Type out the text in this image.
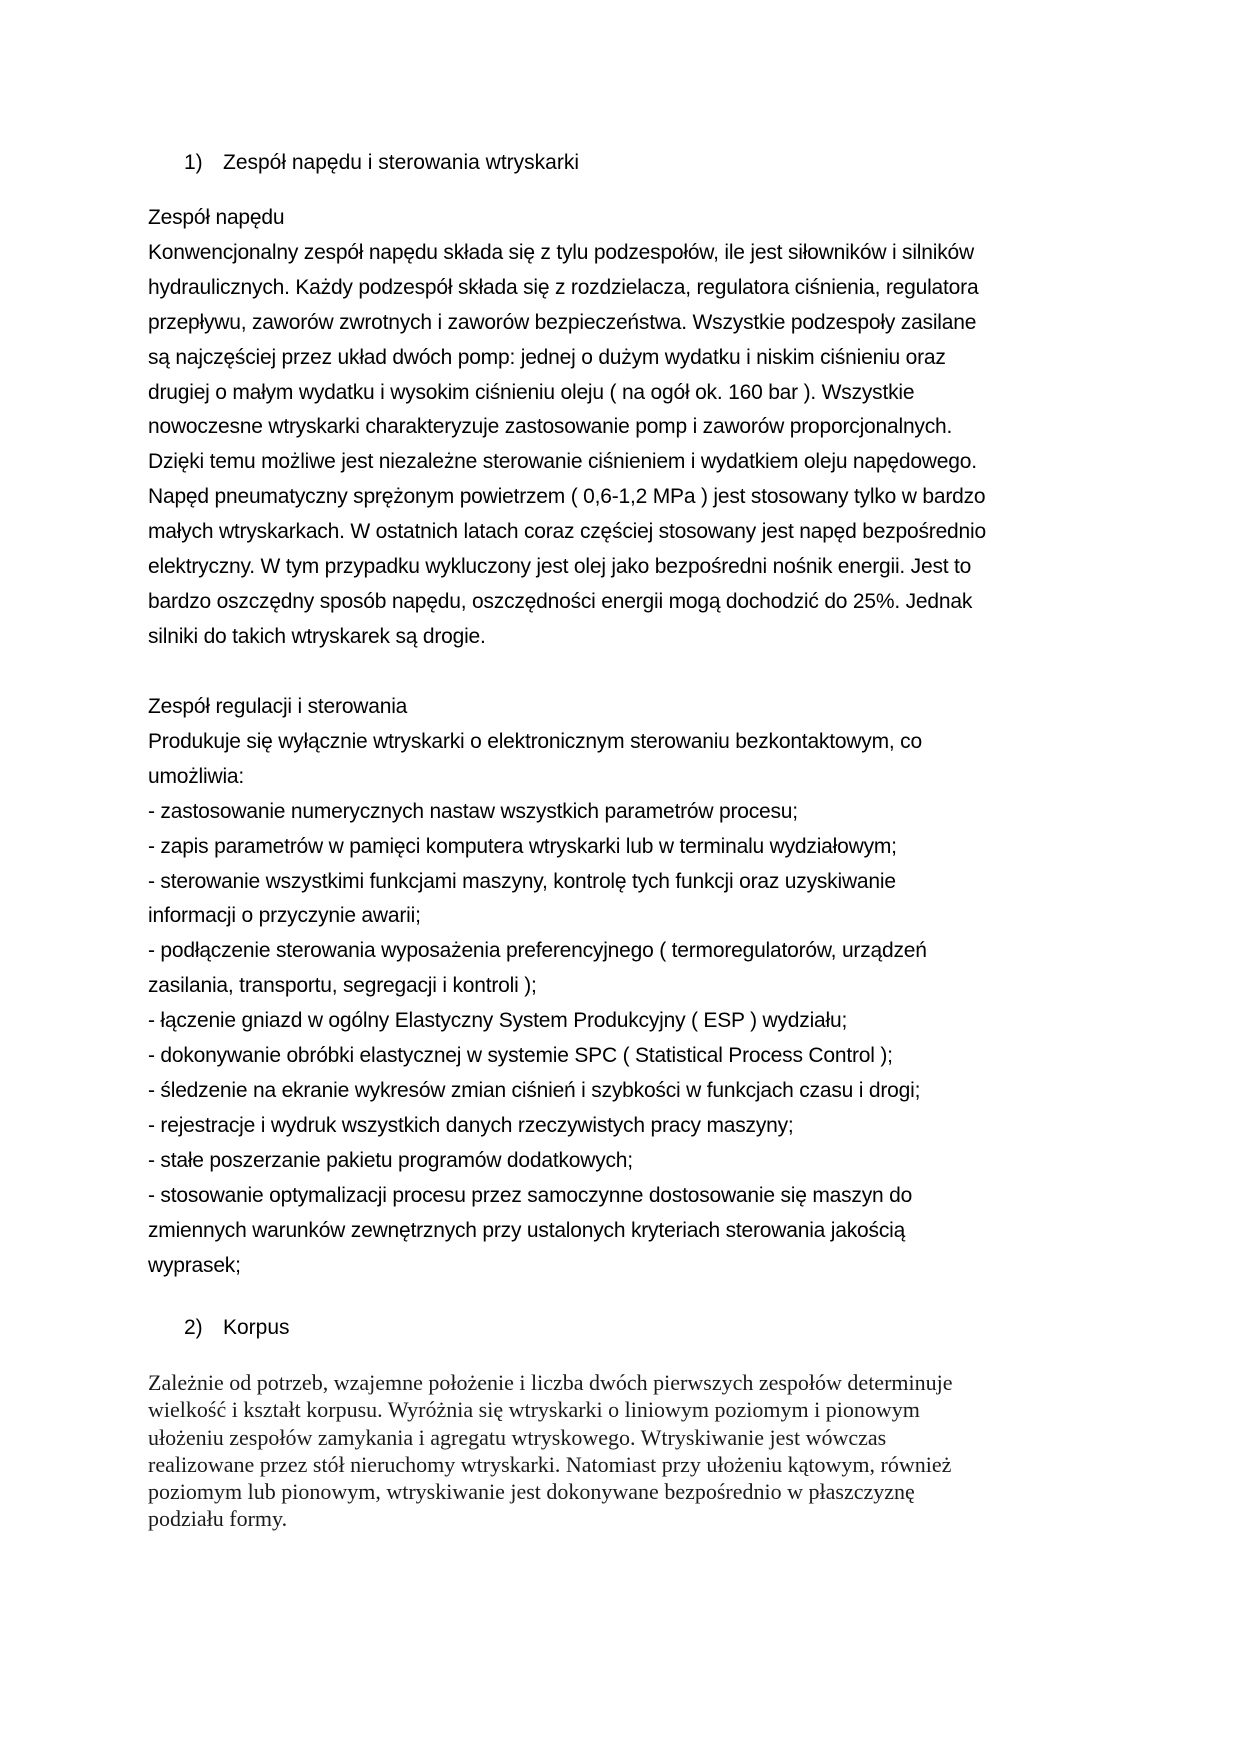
1) Zespół napędu i sterowania wtryskarki

Zespół napędu

Konwencjonalny zespół napędu składa się z tylu podzespołów, ile jest siłowników i silników

hydraulicznych. Każdy podzespół składa się z rozdzielacza, regulatora ciśnienia, regulatora

przepływu, zaworów zwrotnych i zaworów bezpieczeństwa. Wszystkie podzespoły zasilane

są najczęściej przez układ dwóch pomp: jednej o dużym wydatku i niskim ciśnieniu oraz

drugiej o małym wydatku i wysokim ciśnieniu oleju ( na ogół ok. 160 bar ). Wszystkie

nowoczesne wtryskarki charakteryzuje zastosowanie pomp i zaworów proporcjonalnych.

Dzięki temu możliwe jest niezależne sterowanie ciśnieniem i wydatkiem oleju napędowego.

Napęd pneumatyczny sprężonym powietrzem ( 0,6-1,2 MPa ) jest stosowany tylko w bardzo

małych wtryskarkach. W ostatnich latach coraz częściej stosowany jest napęd bezpośrednio

elektryczny. W tym przypadku wykluczony jest olej jako bezpośredni nośnik energii. Jest to

bardzo oszczędny sposób napędu, oszczędności energii mogą dochodzić do 25%. Jednak

silniki do takich wtryskarek są drogie.

Zespół regulacji i sterowania

Produkuje się wyłącznie wtryskarki o elektronicznym sterowaniu bezkontaktowym, co

umożliwia:

- zastosowanie numerycznych nastaw wszystkich parametrów procesu;

- zapis parametrów w pamięci komputera wtryskarki lub w terminalu wydziałowym;

- sterowanie wszystkimi funkcjami maszyny, kontrolę tych funkcji oraz uzyskiwanie

informacji o przyczynie awarii;

- podłączenie sterowania wyposażenia preferencyjnego ( termoregulatorów, urządzeń

zasilania, transportu, segregacji i kontroli );

- łączenie gniazd w ogólny Elastyczny System Produkcyjny ( ESP ) wydziału;

- dokonywanie obróbki elastycznej w systemie SPC ( Statistical Process Control );

- śledzenie na ekranie wykresów zmian ciśnień i szybkości w funkcjach czasu i drogi;

- rejestracje i wydruk wszystkich danych rzeczywistych pracy maszyny;

- stałe poszerzanie pakietu programów dodatkowych;

- stosowanie optymalizacji procesu przez samoczynne dostosowanie się maszyn do

zmiennych warunków zewnętrznych przy ustalonych kryteriach sterowania jakością

wyprasek;

2) Korpus

Zależnie od potrzeb, wzajemne położenie i liczba dwóch pierwszych zespołów determinuje

wielkość i kształt korpusu. Wyróżnia się wtryskarki o liniowym poziomym i pionowym

ułożeniu zespołów zamykania i agregatu wtryskowego. Wtryskiwanie jest wówczas

realizowane przez stół nieruchomy wtryskarki. Natomiast przy ułożeniu kątowym, również

poziomym lub pionowym, wtryskiwanie jest dokonywane bezpośrednio w płaszczyznę

podziału formy.
